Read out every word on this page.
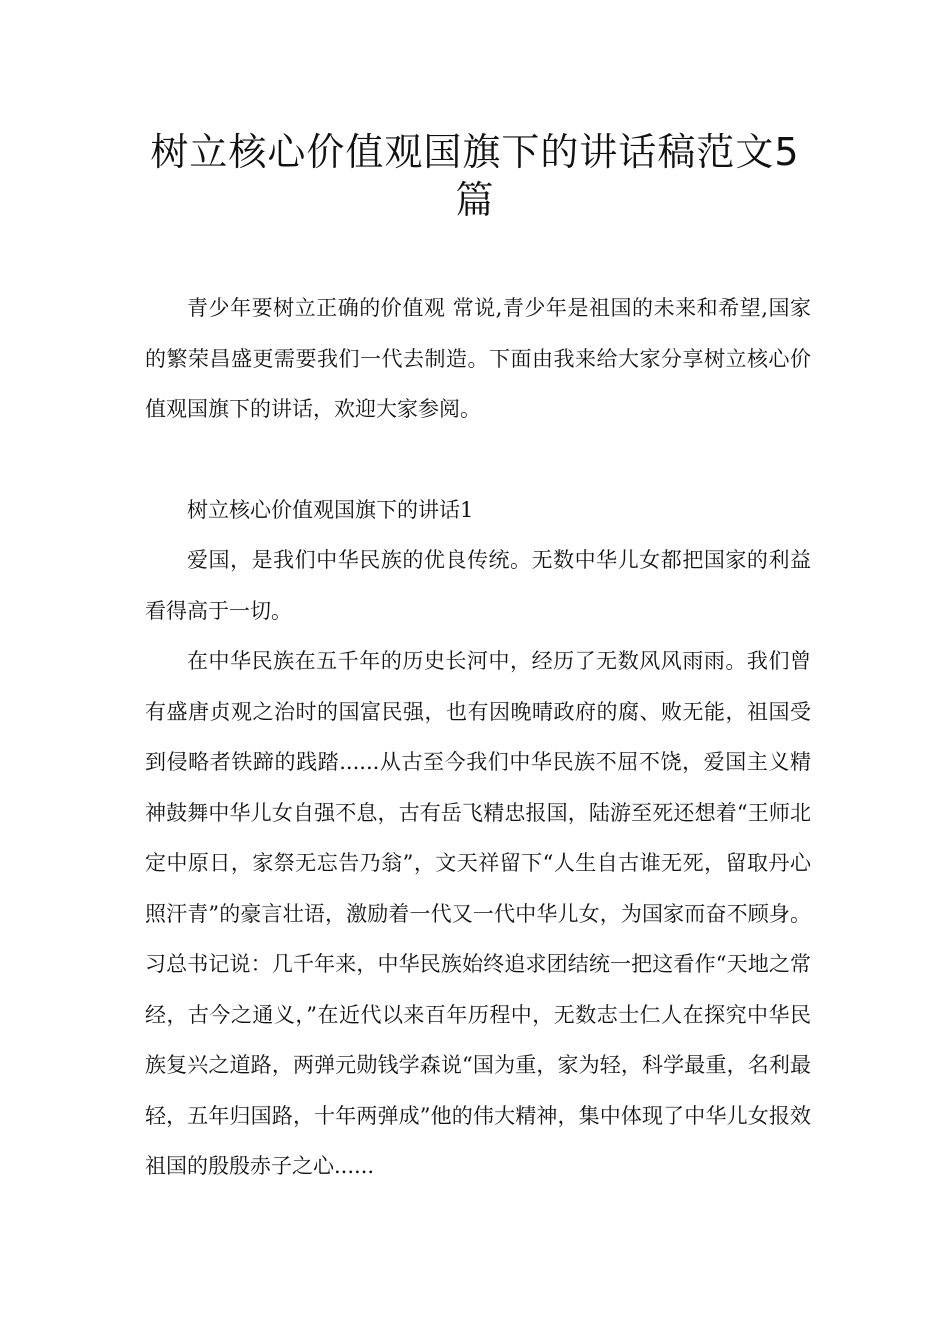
树立核心价值观国旗下的讲话稿范文5篇

青少年要树立正确的价值观 常说,青少年是祖国的未来和希望,国家的繁荣昌盛更需要我们一代去制造。下面由我来给大家分享树立核心价值观国旗下的讲话，欢迎大家参阅。

树立核心价值观国旗下的讲话1

爱国，是我们中华民族的优良传统。无数中华儿女都把国家的利益看得高于一切。

在中华民族在五千年的历史长河中，经历了无数风风雨雨。我们曾有盛唐贞观之治时的国富民强，也有因晚晴政府的腐、败无能，祖国受到侵略者铁蹄的践踏......从古至今我们中华民族不屈不饶，爱国主义精神鼓舞中华儿女自强不息，古有岳飞精忠报国，陆游至死还想着“王师北定中原日，家祭无忘告乃翁”，文天祥留下“人生自古谁无死，留取丹心照汗青”的豪言壮语，激励着一代又一代中华儿女，为国家而奋不顾身。习总书记说：几千年来，中华民族始终追求团结统一把这看作“天地之常经，古今之通义，”在近代以来百年历程中，无数志士仁人在探究中华民族复兴之道路，两弹元勋钱学森说“国为重，家为轻，科学最重，名利最轻，五年归国路，十年两弹成”他的伟大精神，集中体现了中华儿女报效祖国的殷殷赤子之心......
